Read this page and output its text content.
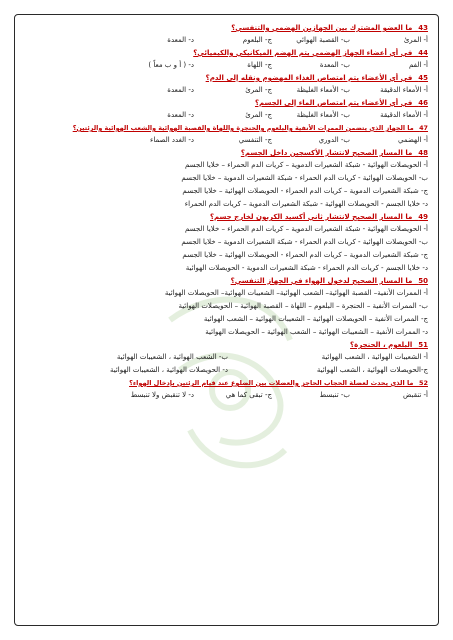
43_ ما العضو المشترك بين الجهازين الهضمي والتنفسي؟
أ- المرئ
ب- القصبة الهوائي
ج- البلعوم
د- المعدة
44_ في أي أعضاء الجهاز الهضمي يتم الهضم الميكانيكي والكيميائي؟
أ- الفم
ب- المعدة
ج- اللهاة
د- ( أ و ب معاً )
45_ في أي الأعضاء يتم امتصاص الغذاء المهضوم ونقله إلى الدم؟
أ- الأمعاء الدقيقة
ب- الأمعاء الغليظة
ج- المرئ
د- المعدة
46_ في أي الأعضاء يتم امتصاص الماء إلى الجسم؟
أ- الأمعاء الدقيقة
ب- الأمعاء الغليظة
ج- المرئ
د- المعدة
47_ ما الجهاز الذي يتضمن الممرات الأنفية والبلعوم والحنجرة واللهاة والقصبة الهوائية والشعب الهوائية والرئتين؟
أ- الهضمي
ب- الدوري
ج- التنفسي
د- الغدد الصماء
48_ ما المسار الصحيح لانتشار الأكسجين داخل الجسم؟
أ- الحويصلات الهوائية - شبكة الشعيرات الدموية – كريات الدم الحمراء – خلايا الجسم
ب- الحويصلات الهوائية - كريات الدم الحمراء - شبكة الشعيرات الدموية – خلايا الجسم
ج- شبكة الشعيرات الدموية – كريات الدم الحمراء - الحويصلات الهوائية – خلايا الجسم
د- خلايا الجسم - الحويصلات الهوائية - شبكة الشعيرات الدموية – كريات الدم الحمراء
49_ ما المسار الصحيح لانتشار ثاني أكسيد الكربون لخارج جسم؟
أ- الحويصلات الهوائية - شبكة الشعيرات الدموية – كريات الدم الحمراء – خلايا الجسم
ب- الحويصلات الهوائية - كريات الدم الحمراء - شبكة الشعيرات الدموية – خلايا الجسم
ج- شبكة الشعيرات الدموية – كريات الدم الحمراء - الحويصلات الهوائية – خلايا الجسم
د- خلايا الجسم - كريات الدم الحمراء - شبكة الشعيرات الدموية - الحويصلات الهوائية
50_ ما المسار الصحيح لدخول الهواء في الجهاز التنفسي؟
أ- الممرات الأنفية– القصبة الهوائية– الشعب الهوائية– الشعيبات الهوائية– الحويصلات الهوائية
ب- الممرات الأنفية – الحنجرة – البلعوم – اللهاة – القصبة الهوائية – الحويصلات الهوائية
ج- الممرات الأنفية – الحويصلات الهوائية – الشعيبات الهوائية – الشعب الهوائية
د- الممرات الأنفية – الشعيبات الهوائية – الشعب الهوائية – الحويصلات الهوائية
51_ البلعوم ، الحنجرة؟
أ- الشعيبات الهوائية ، الشعب الهوائية
ب- الشعب الهوائية ، الشعيبات الهوائية
ج-الحويصلات الهوائية ، الشعب الهوائية
د- الحويصلات الهوائية ، الشعيبات الهوائية
52_ ما الذي يحدث لعضلة الحجاب الحاجز والعضلات بين الضلوع عند قيام الرئتين بإدخال الهواء؟
أ- تنقبض
ب- تنبسط
ج- تبقى كما هي
د- لا تنقبض ولا تنبسط
